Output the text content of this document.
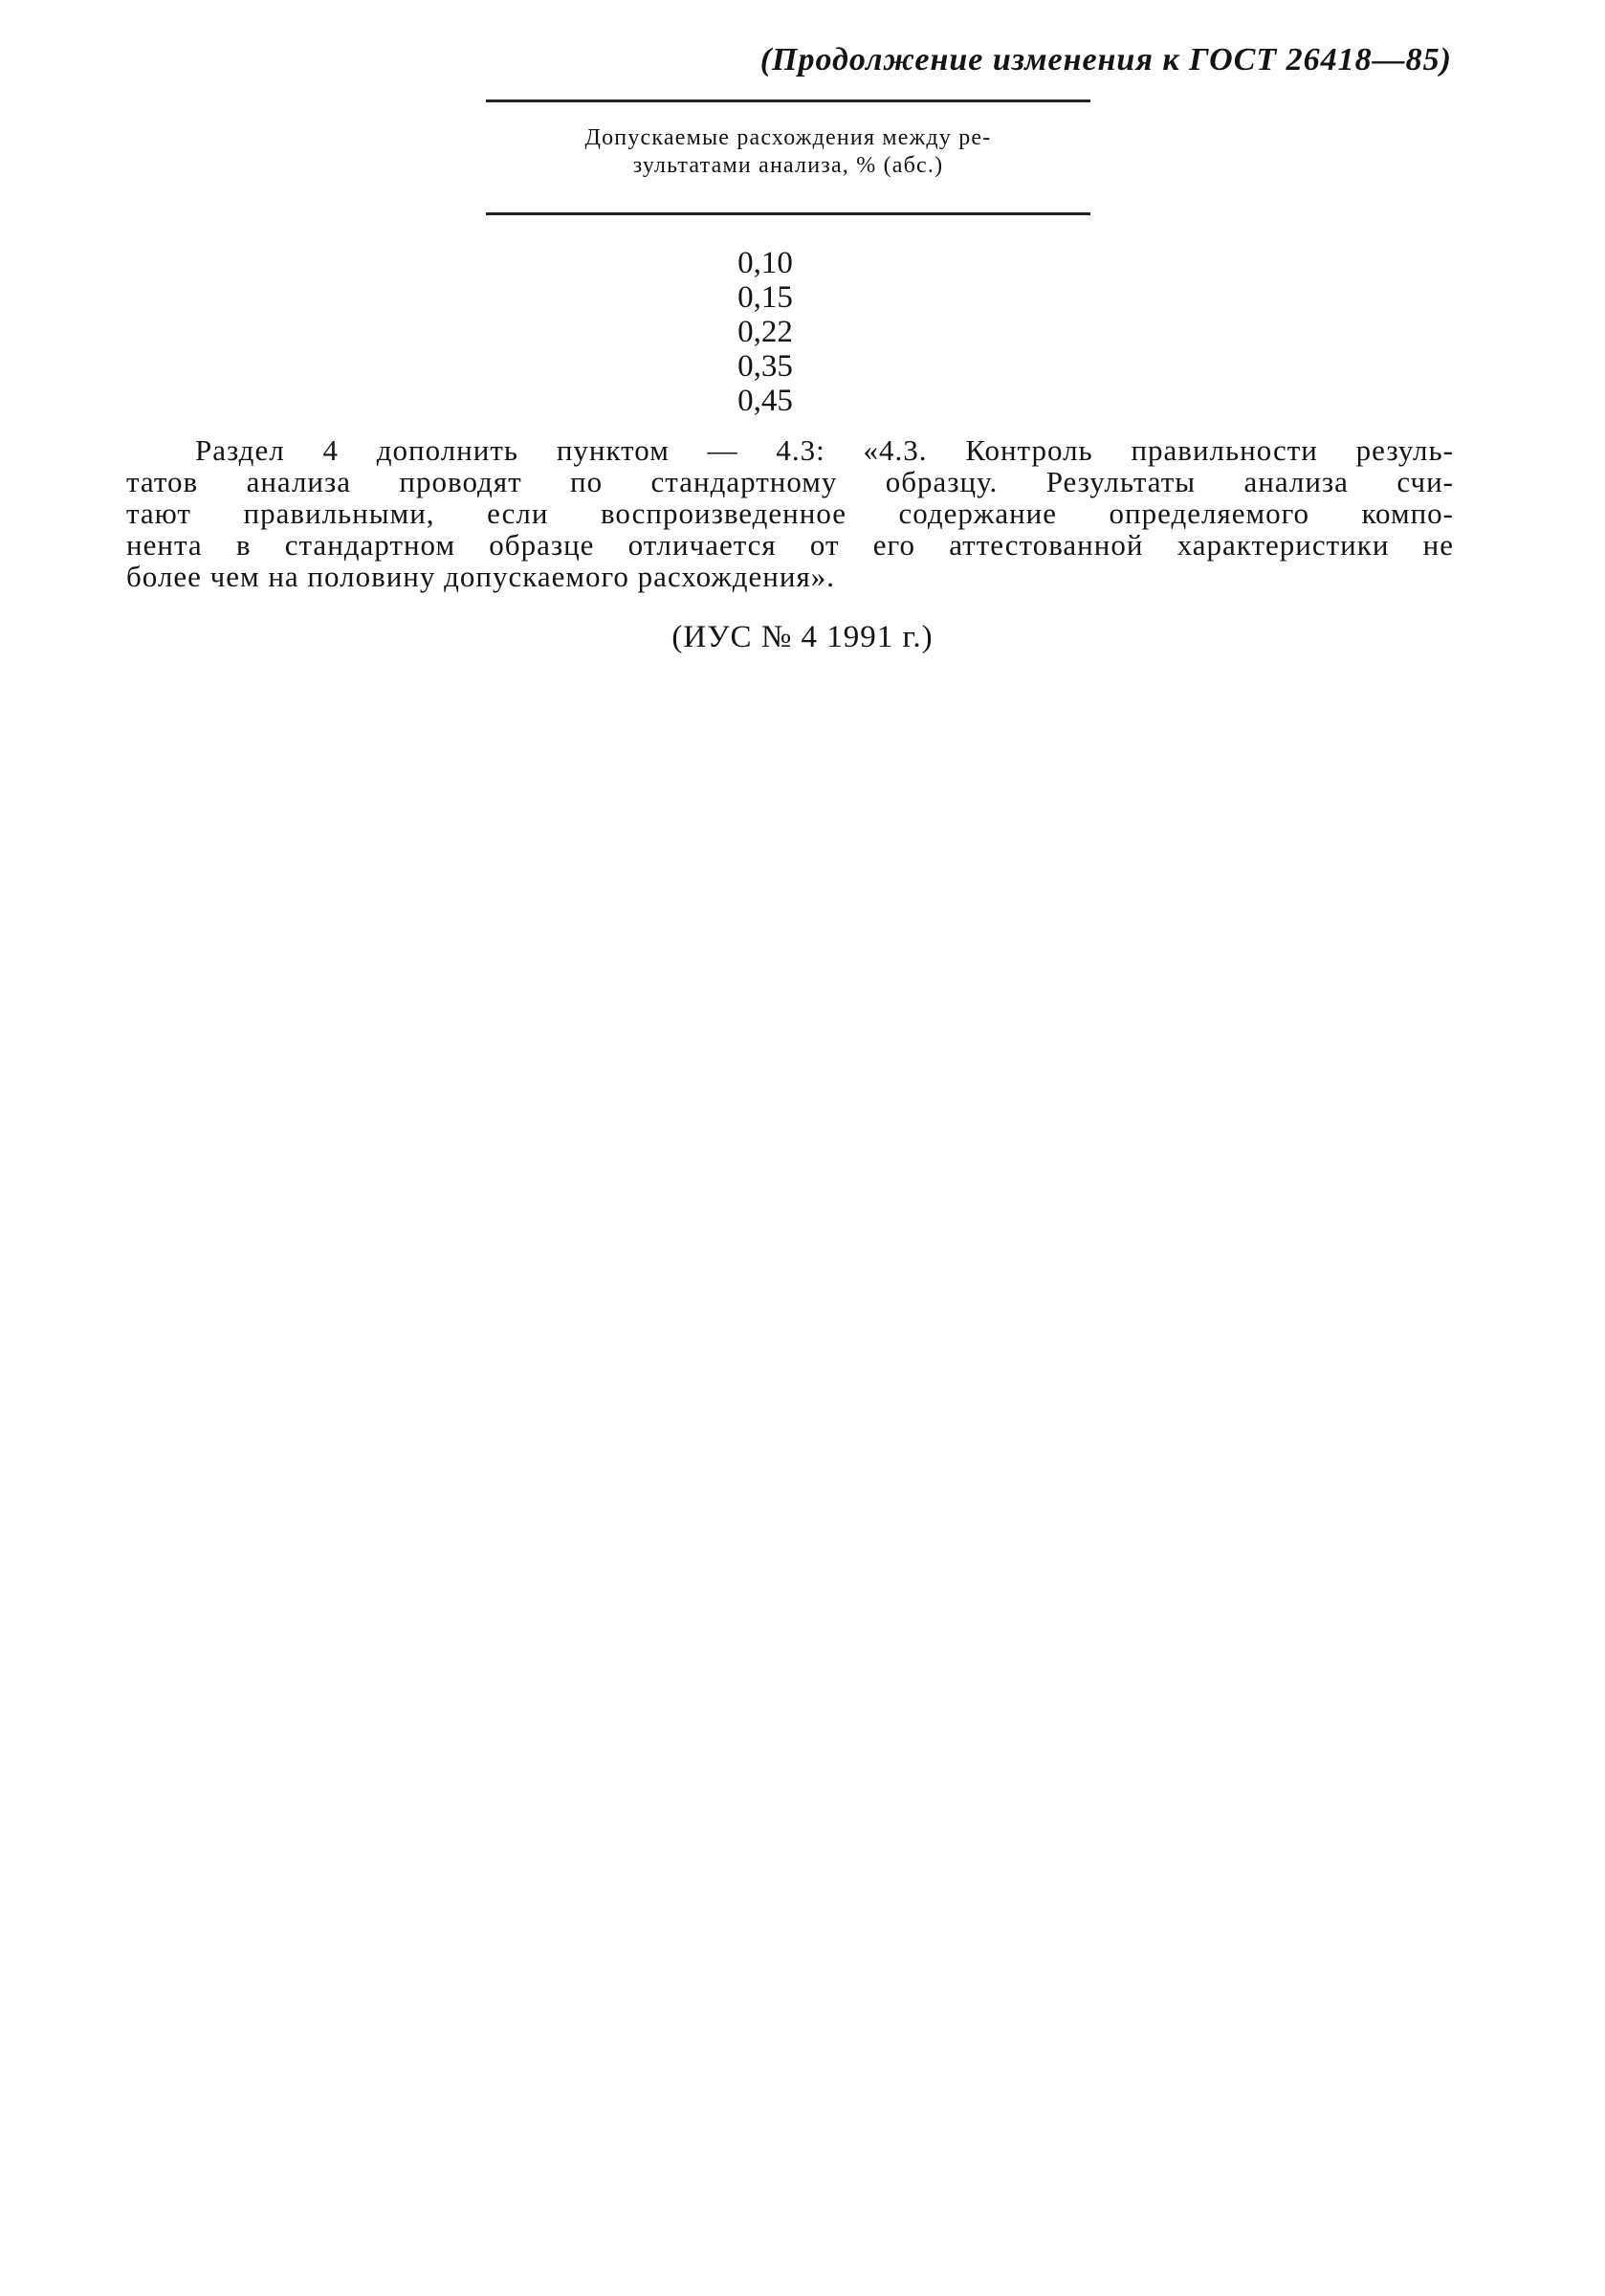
(Продолжение изменения к ГОСТ 26418—85)
Допускаемые расхождения между ре-
зультатами анализа, % (абс.)
0,10
0,15
0,22
0,35
0,45
Раздел 4 дополнить пунктом — 4.3: «4.3. Контроль правильности резуль-
татов анализа проводят по стандартному образцу. Результаты анализа счи-
тают правильными, если воспроизведенное содержание определяемого компо-
нента в стандартном образце отличается от его аттестованной характеристики не
более чем на половину допускаемого расхождения».
(ИУС № 4 1991 г.)
